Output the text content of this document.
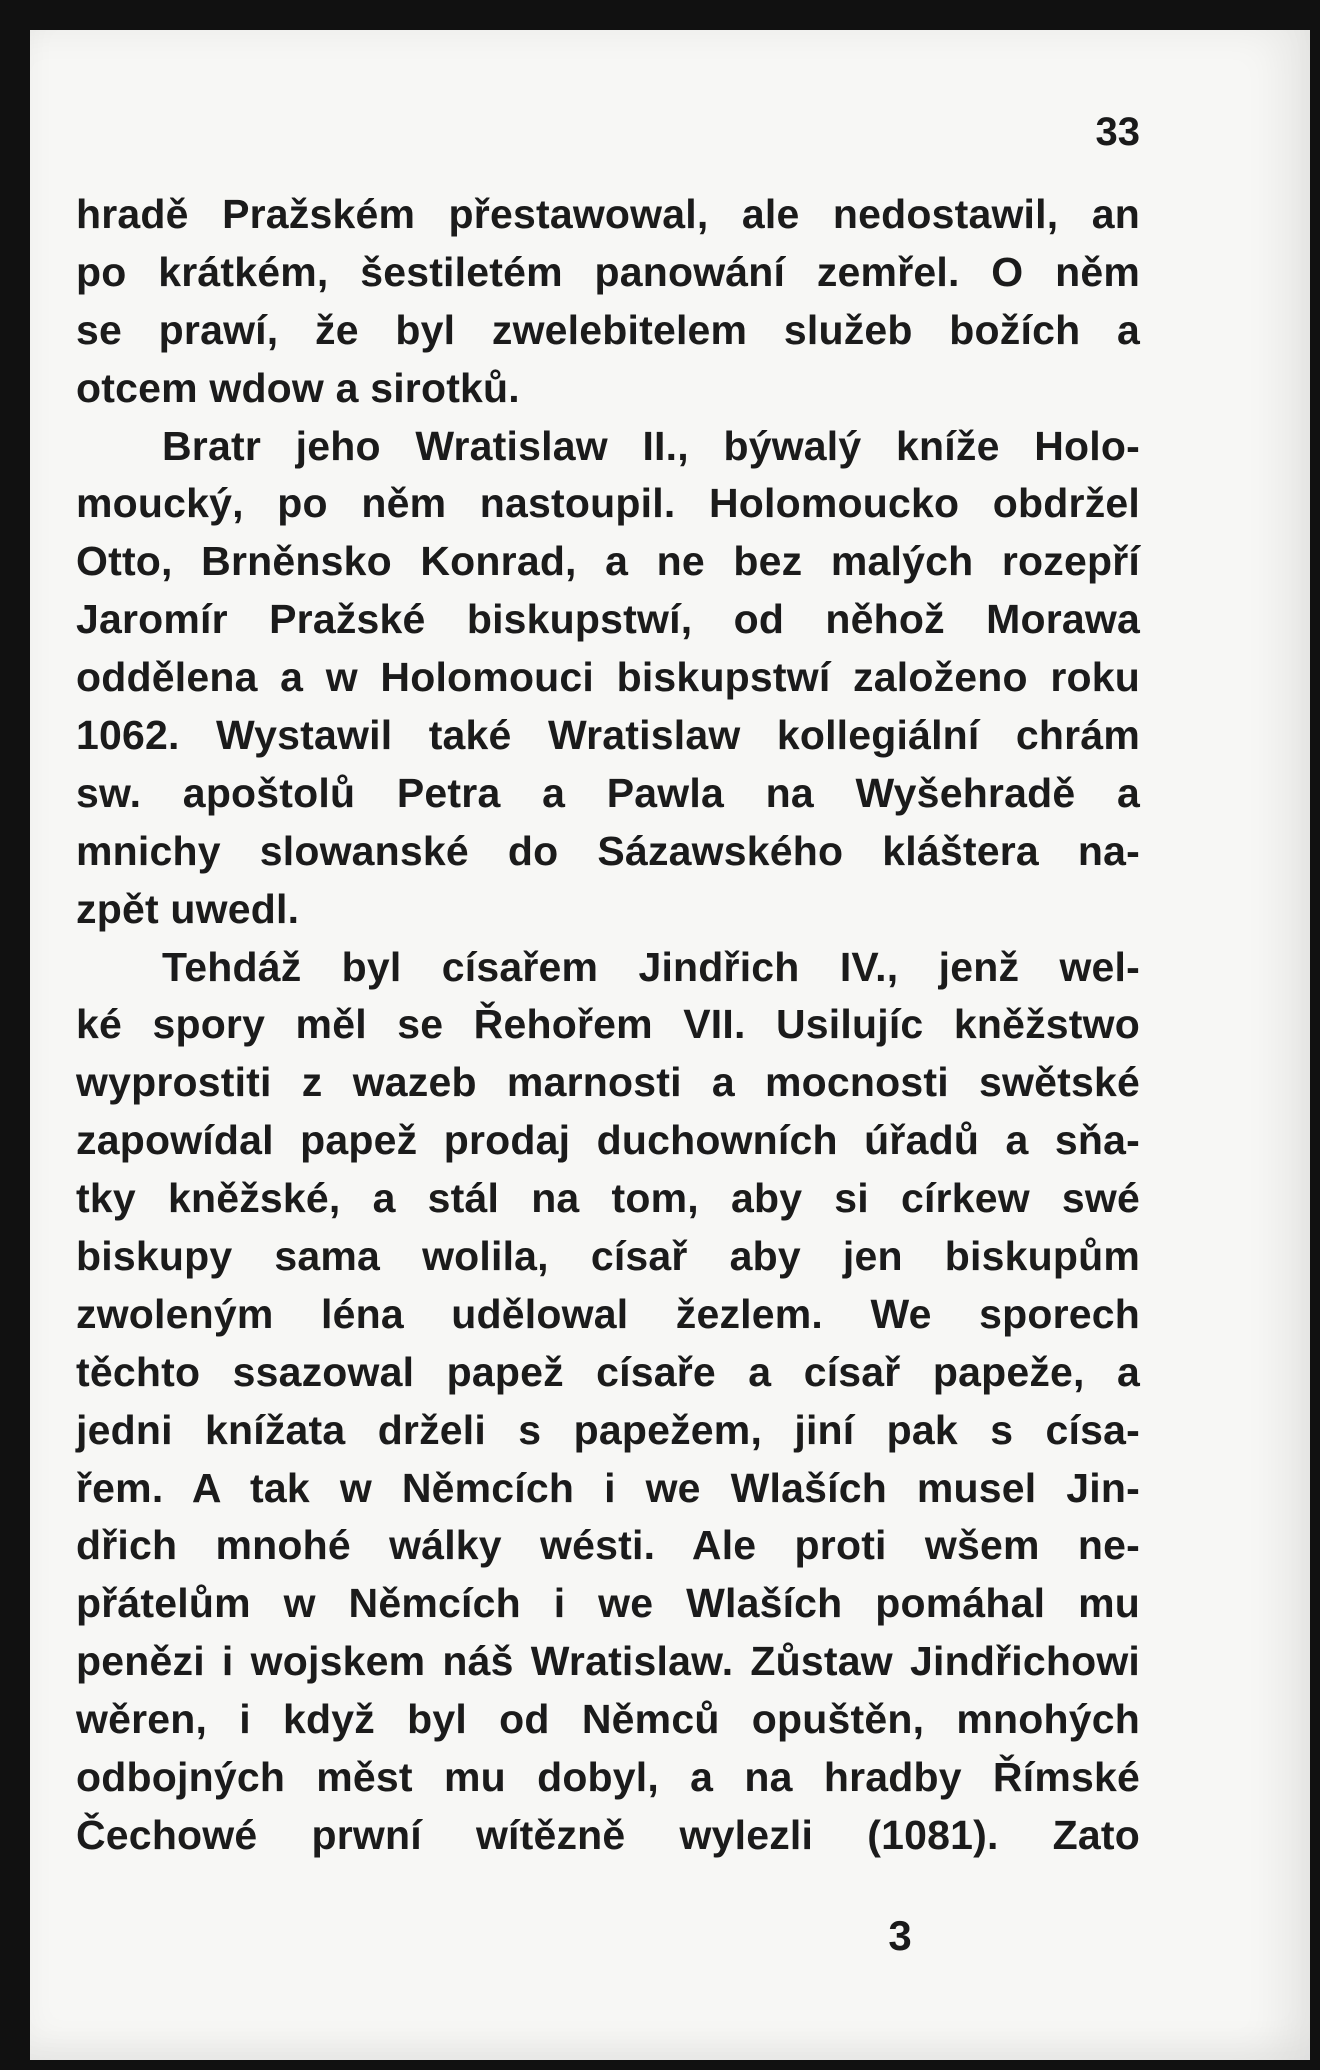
33
hradě Pražském přestawowal, ale nedostawil, an
po krátkém, šestiletém panowání zemřel. O něm
se prawí, že byl zwelebitelem služeb božích a
otcem wdow a sirotků.
Bratr jeho Wratislaw II., býwalý kníže Holo-
moucký, po něm nastoupil. Holomoucko obdržel
Otto, Brněnsko Konrad, a ne bez malých rozepří
Jaromír Pražské biskupstwí, od něhož Morawa
oddělena a w Holomouci biskupstwí založeno roku
1062. Wystawil také Wratislaw kollegiální chrám
sw. apoštolů Petra a Pawla na Wyšehradě a
mnichy slowanské do Sázawského kláštera na-
zpět uwedl.
Tehdáž byl císařem Jindřich IV., jenž wel-
ké spory měl se Řehořem VII. Usilujíc kněžstwo
wyprostiti z wazeb marnosti a mocnosti swětské
zapowídal papež prodaj duchowních úřadů a sňa-
tky kněžské, a stál na tom, aby si církew swé
biskupy sama wolila, císař aby jen biskupům
zwoleným léna udělowal žezlem. We sporech
těchto ssazowal papež císaře a císař papeže, a
jedni knížata drželi s papežem, jiní pak s císa-
řem. A tak w Němcích i we Wlaších musel Jin-
dřich mnohé wálky wésti. Ale proti wšem ne-
přátelům w Němcích i we Wlaších pomáhal mu
penězi i wojskem náš Wratislaw. Zůstaw Jindřichowi
wěren, i když byl od Němců opuštěn, mnohých
odbojných měst mu dobyl, a na hradby Římské
Čechowé prwní wítězně wylezli (1081). Zato
3
